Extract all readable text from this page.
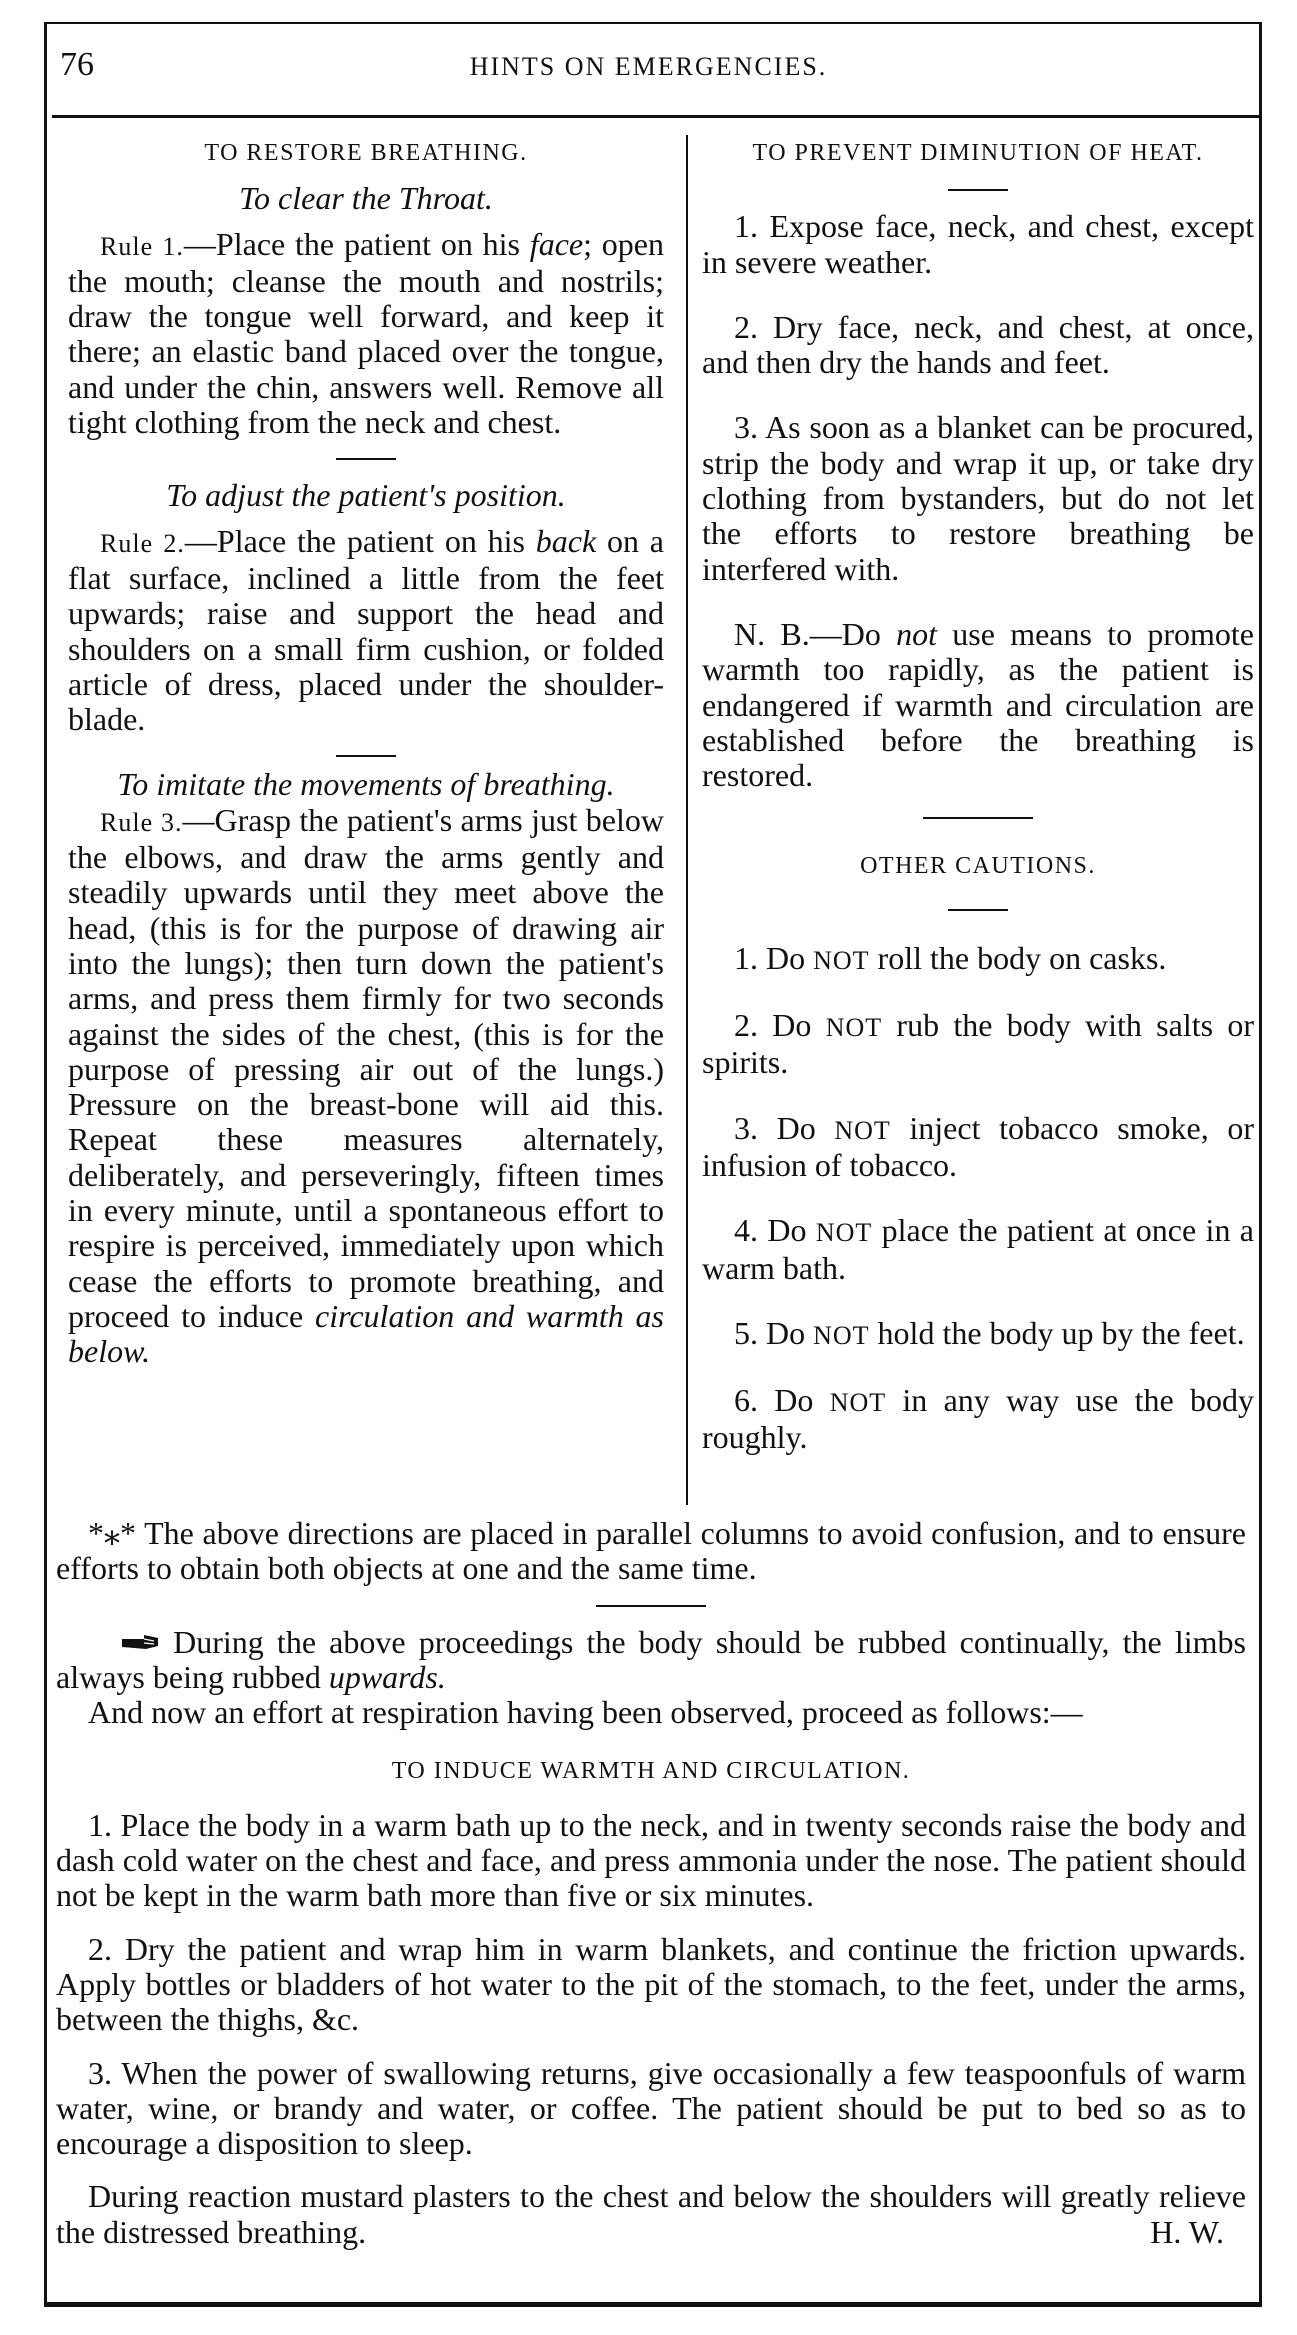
76	HINTS ON EMERGENCIES.

TO RESTORE BREATHING.

To clear the Throat.

Rule 1.—Place the patient on his face; open the mouth; cleanse the mouth and nostrils; draw the tongue well forward, and keep it there; an elastic band placed over the tongue, and under the chin, answers well. Remove all tight clothing from the neck and chest.

To adjust the patient's position.

Rule 2.—Place the patient on his back on a flat surface, inclined a little from the feet upwards; raise and support the head and shoulders on a small firm cushion, or folded article of dress, placed under the shoulder-blade.

To imitate the movements of breathing.

Rule 3.—Grasp the patient's arms just below the elbows, and draw the arms gently and steadily upwards until they meet above the head, (this is for the purpose of drawing air into the lungs); then turn down the patient's arms, and press them firmly for two seconds against the sides of the chest, (this is for the purpose of pressing air out of the lungs.) Pressure on the breast-bone will aid this. Repeat these measures alternately, deliberately, and perseveringly, fifteen times in every minute, until a spontaneous effort to respire is perceived, immediately upon which cease the efforts to promote breathing, and proceed to induce circulation and warmth as below.

TO PREVENT DIMINUTION OF HEAT.

1. Expose face, neck, and chest, except in severe weather.

2. Dry face, neck, and chest, at once, and then dry the hands and feet.

3. As soon as a blanket can be procured, strip the body and wrap it up, or take dry clothing from bystanders, but do not let the efforts to restore breathing be interfered with.

N. B.—Do not use means to promote warmth too rapidly, as the patient is endangered if warmth and circulation are established before the breathing is restored.

OTHER CAUTIONS.

1. Do NOT roll the body on casks.

2. Do NOT rub the body with salts or spirits.

3. Do NOT inject tobacco smoke, or infusion of tobacco.

4. Do NOT place the patient at once in a warm bath.

5. Do NOT hold the body up by the feet.

6. Do NOT in any way use the body roughly.

*⁎* The above directions are placed in parallel columns to avoid confusion, and to ensure efforts to obtain both objects at one and the same time.

During the above proceedings the body should be rubbed continually, the limbs always being rubbed upwards.

And now an effort at respiration having been observed, proceed as follows:—

TO INDUCE WARMTH AND CIRCULATION.

1. Place the body in a warm bath up to the neck, and in twenty seconds raise the body and dash cold water on the chest and face, and press ammonia under the nose. The patient should not be kept in the warm bath more than five or six minutes.

2. Dry the patient and wrap him in warm blankets, and continue the friction upwards. Apply bottles or bladders of hot water to the pit of the stomach, to the feet, under the arms, between the thighs, &c.

3. When the power of swallowing returns, give occasionally a few teaspoonfuls of warm water, wine, or brandy and water, or coffee. The patient should be put to bed so as to encourage a disposition to sleep.

During reaction mustard plasters to the chest and below the shoulders will greatly relieve the distressed breathing.	H. W.
